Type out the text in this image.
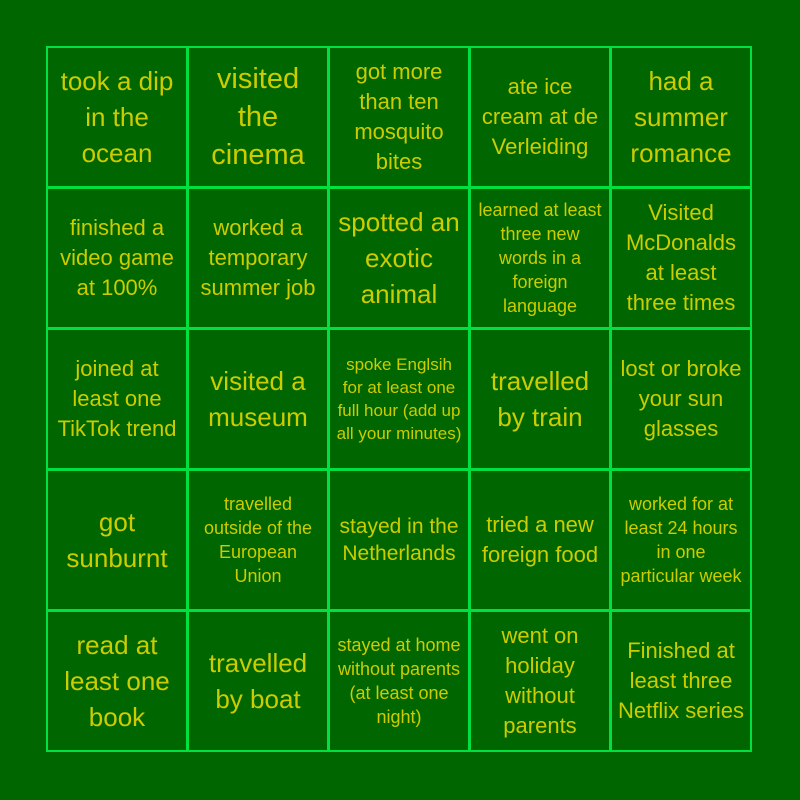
took a dip in the ocean
visited the cinema
got more than ten mosquito bites
ate ice cream at de Verleiding
had a summer romance
finished a video game at 100%
worked a temporary summer job
spotted an exotic animal
learned at least three new words in a foreign language
Visited McDonalds at least three times
joined at least one TikTok trend
visited a museum
spoke Englsih for at least one full hour (add up all your minutes)
travelled by train
lost or broke your sun glasses
got sunburnt
travelled outside of the European Union
stayed in the Netherlands
tried a new foreign food
worked for at least 24 hours in one particular week
read at least one book
travelled by boat
stayed at home without parents (at least one night)
went on holiday without parents
Finished at least three Netflix series
